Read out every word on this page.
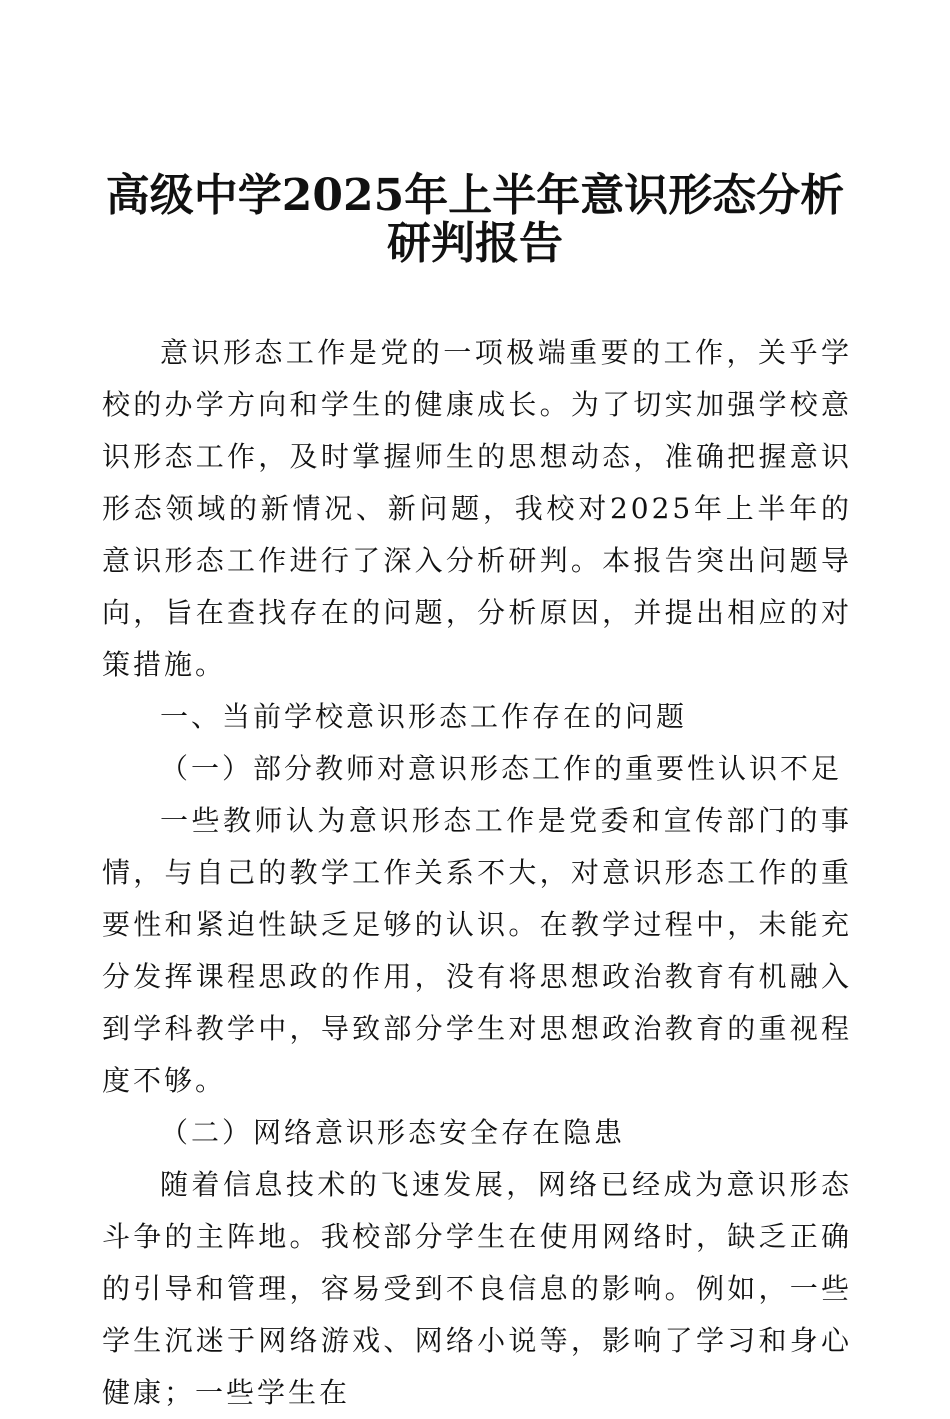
高级中学2025年上半年意识形态分析研判报告

意识形态工作是党的一项极端重要的工作，关乎学校的办学方向和学生的健康成长。为了切实加强学校意识形态工作，及时掌握师生的思想动态，准确把握意识形态领域的新情况、新问题，我校对2025年上半年的意识形态工作进行了深入分析研判。本报告突出问题导向，旨在查找存在的问题，分析原因，并提出相应的对策措施。

一、当前学校意识形态工作存在的问题

（一）部分教师对意识形态工作的重要性认识不足

一些教师认为意识形态工作是党委和宣传部门的事情，与自己的教学工作关系不大，对意识形态工作的重要性和紧迫性缺乏足够的认识。在教学过程中，未能充分发挥课程思政的作用，没有将思想政治教育有机融入到学科教学中，导致部分学生对思想政治教育的重视程度不够。

（二）网络意识形态安全存在隐患

随着信息技术的飞速发展，网络已经成为意识形态斗争的主阵地。我校部分学生在使用网络时，缺乏正确的引导和管理，容易受到不良信息的影响。例如，一些学生沉迷于网络游戏、网络小说等，影响了学习和身心健康；一些学生在
